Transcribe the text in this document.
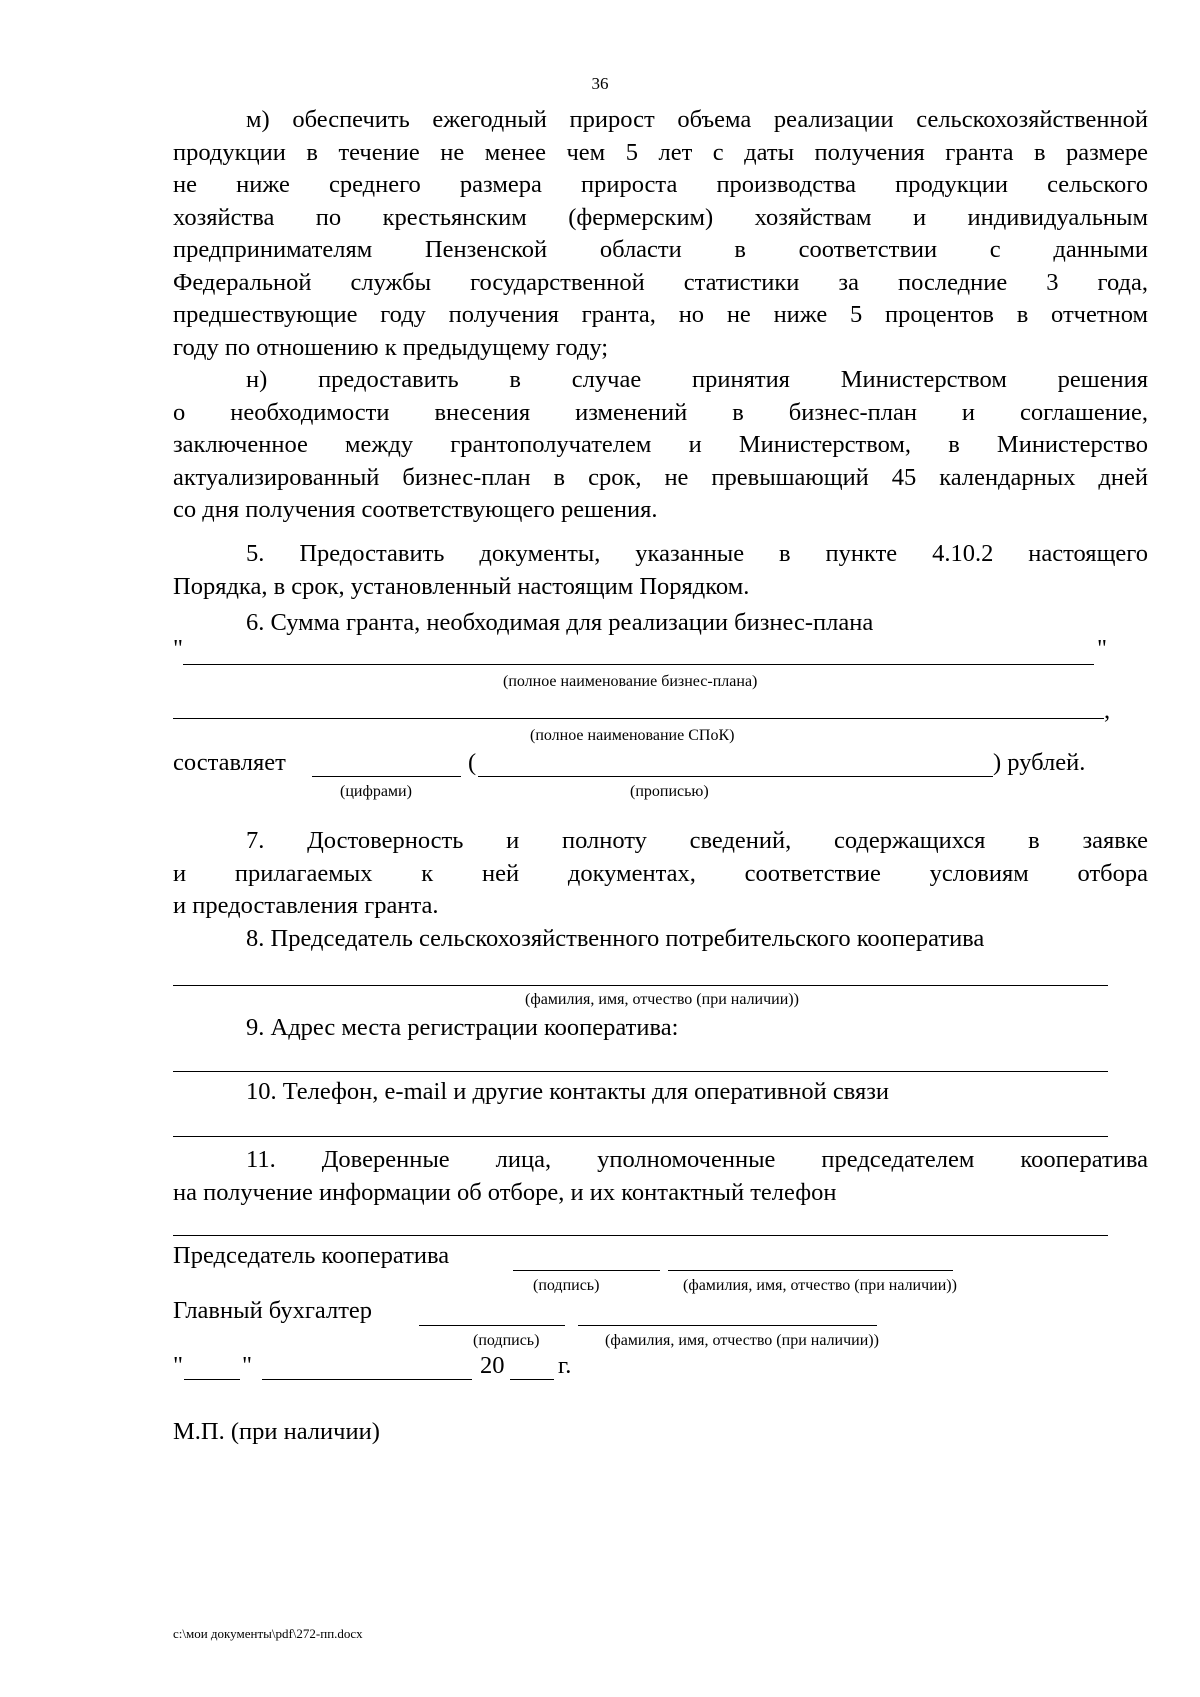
36
м) обеспечить ежегодный прирост объема реализации сельскохозяйственной
продукции в течение не менее чем 5 лет с даты получения гранта в размере
не ниже среднего размера прироста производства продукции сельского
хозяйства по крестьянским (фермерским) хозяйствам и индивидуальным
предпринимателям Пензенской области в соответствии с данными
Федеральной службы государственной статистики за последние 3 года,
предшествующие году получения гранта, но не ниже 5 процентов в отчетном
году по отношению к предыдущему году;
н) предоставить в случае принятия Министерством решения
о необходимости внесения изменений в бизнес-план и соглашение,
заключенное между грантополучателем и Министерством, в Министерство
актуализированный бизнес-план в срок, не превышающий 45 календарных дней
со дня получения соответствующего решения.
5. Предоставить документы, указанные в пункте 4.10.2 настоящего
Порядка, в срок, установленный настоящим Порядком.
6. Сумма гранта, необходимая для реализации бизнес-плана
"	"
(полное наименование бизнес-плана)
,
(полное наименование СПоК)
составляет	(	) рублей.
(цифрами)	(прописью)
7. Достоверность и полноту сведений, содержащихся в заявке
и прилагаемых к ней документах, соответствие условиям отбора
и предоставления гранта.
8. Председатель сельскохозяйственного потребительского кооператива
(фамилия, имя, отчество (при наличии))
9. Адрес места регистрации кооператива:
10. Телефон, e-mail и другие контакты для оперативной связи
11. Доверенные лица, уполномоченные председателем кооператива
на получение информации об отборе, и их контактный телефон
Председатель кооператива
(подпись)	(фамилия, имя, отчество (при наличии))
Главный бухгалтер
(подпись)	(фамилия, имя, отчество (при наличии))
" "	20 г.
М.П. (при наличии)
c:\мои документы\pdf\272-пп.docx
